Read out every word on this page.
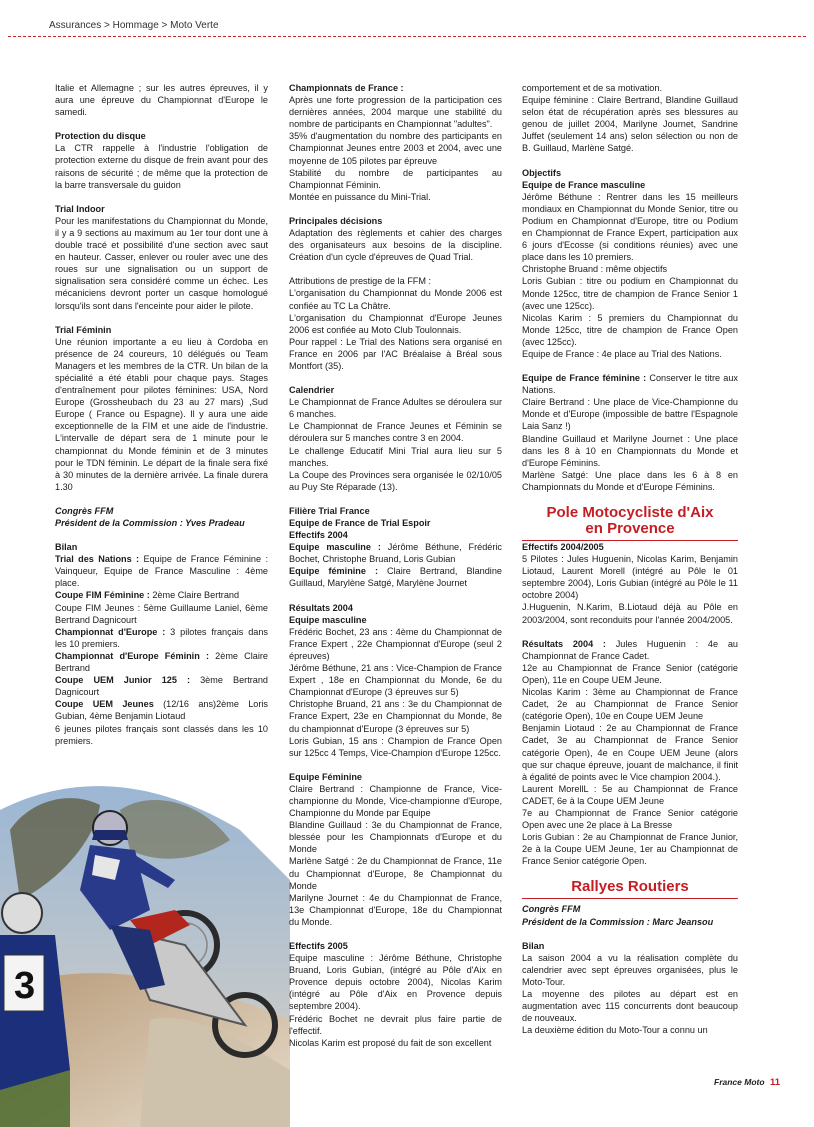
Assurances > Hommage > Moto Verte

Italie et Allemagne ; sur les autres épreuves, il y aura une épreuve du Championnat d'Europe le samedi.

Protection du disque
La CTR rappelle à l'industrie l'obligation de protection externe du disque de frein avant pour des raisons de sécurité ; de même que la protection de la barre transversale du guidon

Trial Indoor
Pour les manifestations du Championnat du Monde, il y a 9 sections au maximum au 1er tour dont une à double tracé et possibilité d'une section avec saut en hauteur. Casser, enlever ou rouler avec une des roues sur une signalisation ou un support de signalisation sera considéré comme un échec. Les mécaniciens devront porter un casque homologué lorsqu'ils sont dans l'enceinte pour aider le pilote.

Trial Féminin
Une réunion importante a eu lieu à Cordoba en présence de 24 coureurs, 10 délégués ou Team Managers et les membres de la CTR. Un bilan de la spécialité a été établi pour chaque pays. Stages d'entraînement pour pilotes féminines: USA, Nord Europe (Grossheubach du 23 au 27 mars) ,Sud Europe ( France ou Espagne). Il y aura une aide exceptionnelle de la FIM et une aide de l'industrie. L'intervalle de départ sera de 1 minute pour le championnat du Monde féminin et de 3 minutes pour le TDN féminin. Le départ de la finale sera fixé à 30 minutes de la dernière arrivée. La finale durera 1.30

Congrès FFM
Président de la Commission : Yves Pradeau

Bilan
Trial des Nations : Equipe de France Féminine : Vainqueur, Equipe de France Masculine : 4ème place.
Coupe FIM Féminine : 2ème Claire Bertrand
Coupe FIM Jeunes : 5ème Guillaume Laniel, 6ème Bertrand Dagnicourt
Championnat d'Europe : 3 pilotes français dans les 10 premiers.
Championnat d'Europe Féminin : 2ème Claire Bertrand
Coupe UEM Junior 125 : 3ème Bertrand Dagnicourt
Coupe UEM Jeunes (12/16 ans)2ème Loris Gubian, 4ème Benjamin Liotaud
6 jeunes pilotes français sont classés dans les 10 premiers.

3

Championnats de France :
Après une forte progression de la participation ces dernières années, 2004 marque une stabilité du nombre de participants en Championnat "adultes".
35% d'augmentation du nombre des participants en Championnat Jeunes entre 2003 et 2004, avec une moyenne de 105 pilotes par épreuve
Stabilité du nombre de participantes au Championnat Féminin.
Montée en puissance du Mini-Trial.

Principales décisions
Adaptation des règlements et cahier des charges des organisateurs aux besoins de la discipline. Création d'un cycle d'épreuves de Quad Trial.

Attributions de prestige de la FFM :
L'organisation du Championnat du Monde 2006 est confiée au TC La Châtre.
L'organisation du Championnat d'Europe Jeunes 2006 est confiée au Moto Club Toulonnais.
Pour rappel : Le Trial des Nations sera organisé en France en 2006 par l'AC Bréalaise à Bréal sous Montfort (35).

Calendrier
Le Championnat de France Adultes se déroulera sur 6 manches.
Le Championnat de France Jeunes et Féminin se déroulera sur 5 manches contre 3 en 2004.
Le challenge Educatif Mini Trial aura lieu sur 5 manches.
La Coupe des Provinces sera organisée le 02/10/05 au Puy Ste Réparade (13).

Filière Trial France
Equipe de France de Trial Espoir
Effectifs 2004
Equipe masculine : Jérôme Béthune, Frédéric Bochet, Christophe Bruand, Loris Gubian
Equipe féminine : Claire Bertrand, Blandine Guillaud, Marylène Satgé, Marylène Journet

Résultats 2004
Equipe masculine
Frédéric Bochet, 23 ans : 4ème du Championnat de France Expert , 22e Championnat d'Europe (seul 2 épreuves)
Jérôme Béthune, 21 ans : Vice-Champion de France Expert , 18e en Championnat du Monde, 6e du Championnat d'Europe (3 épreuves sur 5)
Christophe Bruand, 21 ans : 3e du Championnat de France Expert, 23e en Championnat du Monde, 8e du championnat d'Europe (3 épreuves sur 5)
Loris Gubian, 15 ans : Champion de France Open sur 125cc 4 Temps, Vice-Champion d'Europe 125cc.

Equipe Féminine
Claire Bertrand : Championne de France, Vice-championne du Monde, Vice-championne d'Europe, Championne du Monde par Equipe
Blandine Guillaud : 3e du Championnat de France, blessée pour les Championnats d'Europe et du Monde
Marlène Satgé : 2e du Championnat de France, 11e du Championnat d'Europe, 8e Championnat du Monde
Marilyne Journet : 4e du Championnat de France, 13e Championnat d'Europe, 18e du Championnat du Monde.

Effectifs 2005
Equipe masculine : Jérôme Béthune, Christophe Bruand, Loris Gubian, (intégré au Pôle d'Aix en Provence depuis octobre 2004), Nicolas Karim (intégré au Pôle d'Aix en Provence depuis septembre 2004).
Frédéric Bochet ne devrait plus faire partie de l'effectif.
Nicolas Karim est proposé du fait de son excellent

comportement et de sa motivation.
Equipe féminine : Claire Bertrand, Blandine Guillaud selon état de récupération après ses blessures au genou de juillet 2004, Marilyne Journet, Sandrine Juffet (seulement 14 ans) selon sélection ou non de B. Guillaud, Marlène Satgé.

Objectifs
Equipe de France masculine
Jérôme Béthune : Rentrer dans les 15 meilleurs mondiaux en Championnat du Monde Senior, titre ou Podium en Championnat d'Europe, titre ou Podium en Championnat de France Expert, participation aux 6 jours d'Ecosse (si conditions réunies) avec une place dans les 10 premiers.
Christophe Bruand : même objectifs
Loris Gubian : titre ou podium en Championnat du Monde 125cc, titre de champion de France Senior 1 (avec une 125cc).
Nicolas Karim : 5 premiers du Championnat du Monde 125cc, titre de champion de France Open (avec 125cc).
Equipe de France : 4e place au Trial des Nations.

Equipe de France féminine : Conserver le titre aux Nations.
Claire Bertrand : Une place de Vice-Championne du Monde et d'Europe (impossible de battre l'Espagnole Laia Sanz !)
Blandine Guillaud et Marilyne Journet : Une place dans les 8 à 10 en Championnats du Monde et d'Europe Féminins.
Marlène Satgé: Une place dans les 6 à 8 en Championnats du Monde et d'Europe Féminins.

Pole Motocycliste d'Aix
en Provence

Effectifs 2004/2005
5 Pilotes : Jules Huguenin, Nicolas Karim, Benjamin Liotaud, Laurent Morell (intégré au Pôle le 01 septembre 2004), Loris Gubian (intégré au Pôle le 11 octobre 2004)
J.Huguenin, N.Karim, B.Liotaud déjà au Pôle en 2003/2004, sont reconduits pour l'année 2004/2005.

Résultats 2004 : Jules Huguenin : 4e au Championnat de France Cadet.
12e au Championnat de France Senior (catégorie Open), 11e en Coupe UEM Jeune.
Nicolas Karim : 3ème au Championnat de France Cadet, 2e au Championnat de France Senior (catégorie Open), 10e en Coupe UEM Jeune
Benjamin Liotaud : 2e au Championnat de France Cadet, 3e au Championnat de France Senior catégorie Open), 4e en Coupe UEM Jeune (alors que sur chaque épreuve, jouant de malchance, il finit à égalité de points avec le Vice champion 2004.).
Laurent MorellL : 5e au Championnat de France CADET, 6e à la Coupe UEM Jeune
7e au Championnat de France Senior catégorie Open avec une 2e place à La Bresse
Loris Gubian : 2e au Championnat de France Junior, 2e à la Coupe UEM Jeune, 1er au Championnat de France Senior catégorie Open.

Rallyes Routiers

Congrès FFM
Président de la Commission : Marc Jeansou

Bilan
La saison 2004 a vu la réalisation complète du calendrier avec sept épreuves organisées, plus le Moto-Tour.
La moyenne des pilotes au départ est en augmentation avec 115 concurrents dont beaucoup de nouveaux.
La deuxième édition du Moto-Tour a connu un

France Moto 11
